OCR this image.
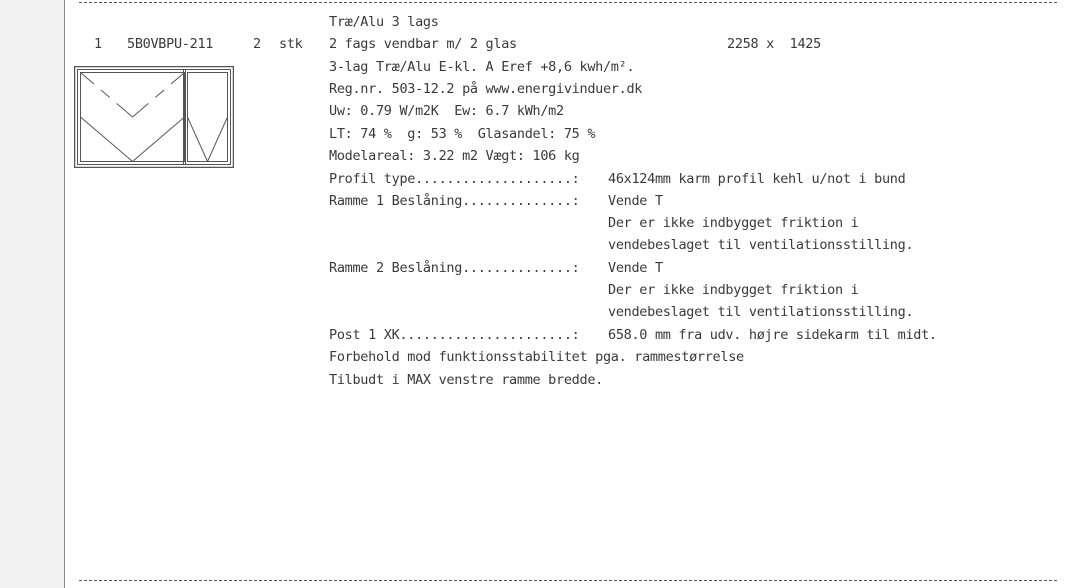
1 5B0VBPU-211	2 stk	2258 x  1425
Træ/Alu 3 lags
2 fags vendbar m/ 2 glas
3-lag Træ/Alu E-kl. A Eref +8,6 kwh/m².
Reg.nr. 503-12.2 på www.energivinduer.dk
Uw: 0.79 W/m2K  Ew: 6.7 kWh/m2
LT: 74 %  g: 53 %  Glasandel: 75 %
Modelareal: 3.22 m2 Vægt: 106 kg
Profil type....................: 46x124mm karm profil kehl u/not i bund
Ramme 1 Beslåning..............: Vende T
Der er ikke indbygget friktion i
vendebeslaget til ventilationsstilling.
Ramme 2 Beslåning..............: Vende T
Der er ikke indbygget friktion i
vendebeslaget til ventilationsstilling.
Post 1 XK......................: 658.0 mm fra udv. højre sidekarm til midt.
Forbehold mod funktionsstabilitet pga. rammestørrelse
Tilbudt i MAX venstre ramme bredde.
